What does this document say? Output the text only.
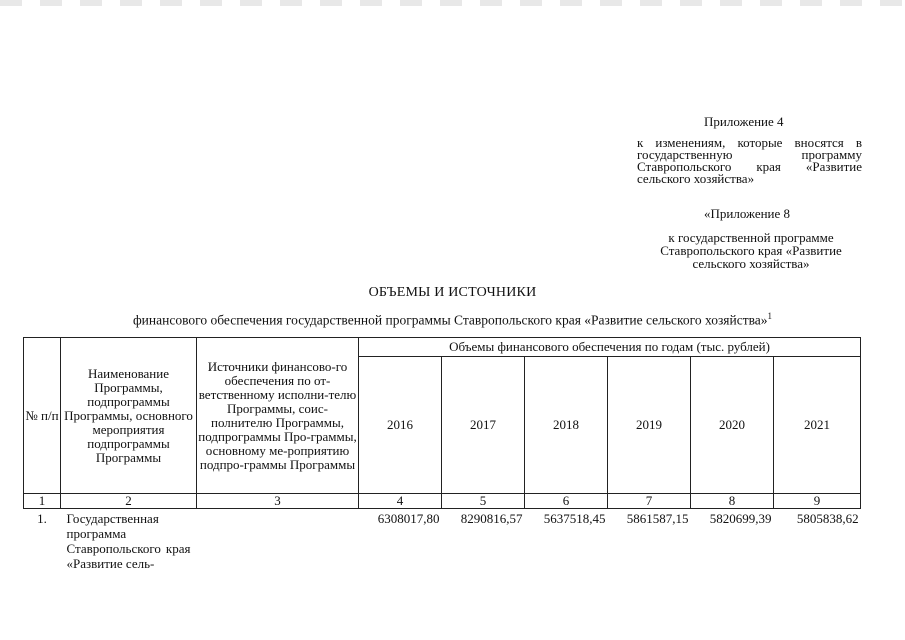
Приложение 4
к изменениям, которые вносятся в государственную программу Ставропольского края «Развитие сельского хозяйства»
«Приложение 8
к государственной программе Ставропольского края «Развитие сельского хозяйства»
ОБЪЕМЫ И ИСТОЧНИКИ
финансового обеспечения государственной программы Ставропольского края «Развитие сельского хозяйства»$^1$
№ п/п	Наименование Программы, подпрограммы Программы, основного мероприятия подпрограммы Программы	Источники финансово-го обеспечения по от-ветственному исполни-телю Программы, соис-полнителю Программы, подпрограммы Про-граммы, основному ме-роприятию подпро-граммы Программы	Объемы финансового обеспечения по годам (тыс. рублей)					
			2016	2017	2018	2019	2020	2021
1	2	3	4	5	6	7	8	9
1.	Государственная программа Ставропольского края «Развитие сель-		6308017,80	8290816,57	5637518,45	5861587,15	5820699,39	5805838,62
